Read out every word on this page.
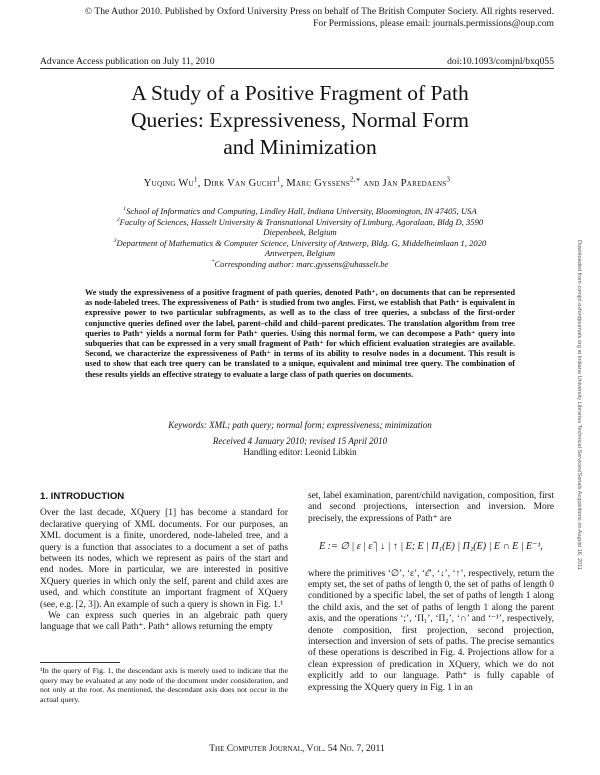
© The Author 2010. Published by Oxford University Press on behalf of The British Computer Society. All rights reserved.
For Permissions, please email: journals.permissions@oup.com
Advance Access publication on July 11, 2010	doi:10.1093/comjnl/bxq055
A Study of a Positive Fragment of Path
Queries: Expressiveness, Normal Form
and Minimization
Yuqing Wu$^1$, Dirk Van Gucht$^1$, Marc Gyssens$^{2,∗}$ and Jan Paredaens$^3$
$^1$School of Informatics and Computing, Lindley Hall, Indiana University, Bloomington, IN 47405, USA
$^2$Faculty of Sciences, Hasselt University & Transnational University of Limburg, Agoralaan, Bldg D, 3590 Diepenbeek, Belgium
$^3$Department of Mathematics & Computer Science, University of Antwerp, Bldg. G, Middelheimlaan 1, 2020 Antwerpen, Belgium
*Corresponding author: marc.gyssens@uhasselt.be
We study the expressiveness of a positive fragment of path queries, denoted Path⁺, on documents that can be represented as node-labeled trees. The expressiveness of Path⁺ is studied from two angles. First, we establish that Path⁺ is equivalent in expressive power to two particular subfragments, as well as to the class of tree queries, a subclass of the first-order conjunctive queries defined over the label, parent–child and child–parent predicates. The translation algorithm from tree queries to Path⁺ yields a normal form for Path⁺ queries. Using this normal form, we can decompose a Path⁺ query into subqueries that can be expressed in a very small fragment of Path⁺ for which efficient evaluation strategies are available. Second, we characterize the expressiveness of Path⁺ in terms of its ability to resolve nodes in a document. This result is used to show that each tree query can be translated to a unique, equivalent and minimal tree query. The combination of these results yields an effective strategy to evaluate a large class of path queries on documents.
Keywords: XML; path query; normal form; expressiveness; minimization
Received 4 January 2010; revised 15 April 2010
Handling editor: Leonid Libkin

1. INTRODUCTION

Over the last decade, XQuery [1] has become a standard for declarative querying of XML documents. For our purposes, an XML document is a finite, unordered, node-labeled tree, and a query is a function that associates to a document a set of paths between its nodes, which we represent as pairs of the start and end nodes. More in particular, we are interested in positive XQuery queries in which only the self, parent and child axes are used, and which constitute an important fragment of XQuery (see, e.g. [2, 3]). An example of such a query is shown in Fig. 1.¹

We can express such queries in an algebraic path query language that we call Path⁺. Path⁺ allows returning the empty

set, label examination, parent/child navigation, composition, first and second projections, intersection and inversion. More precisely, the expressions of Path⁺ are

E := ∅ | ε | ε̂ | ↓ | ↑ | E; E | Π₁(E) | Π₂(E) | E ∩ E | E⁻¹,

where the primitives ‘∅’, ‘ε’, ‘ε̂’, ‘↓’, ‘↑’, respectively, return the empty set, the set of paths of length 0, the set of paths of length 0 conditioned by a specific label, the set of paths of length 1 along the child axis, and the set of paths of length 1 along the parent axis, and the operations ‘;’, ‘Π₁’, ‘Π₂’, ‘∩’ and ‘⁻¹’, respectively, denote composition, first projection, second projection, intersection and inversion of sets of paths. The precise semantics of these operations is described in Fig. 4. Projections allow for a clean expression of predication in XQuery, which we do not explicitly add to our language. Path⁺ is fully capable of expressing the XQuery query in Fig. 1 in an

¹In the query of Fig. 1, the descendant axis is merely used to indicate that the query may be evaluated at any node of the document under consideration, and not only at the root. As mentioned, the descendant axis does not occur in the actual query.
The Computer Journal, Vol. 54 No. 7, 2011
Downloaded from comjnl.oxfordjournals.org at Indiana University Libraries Technical Services/Serials Acquisitions on August 16, 2011
